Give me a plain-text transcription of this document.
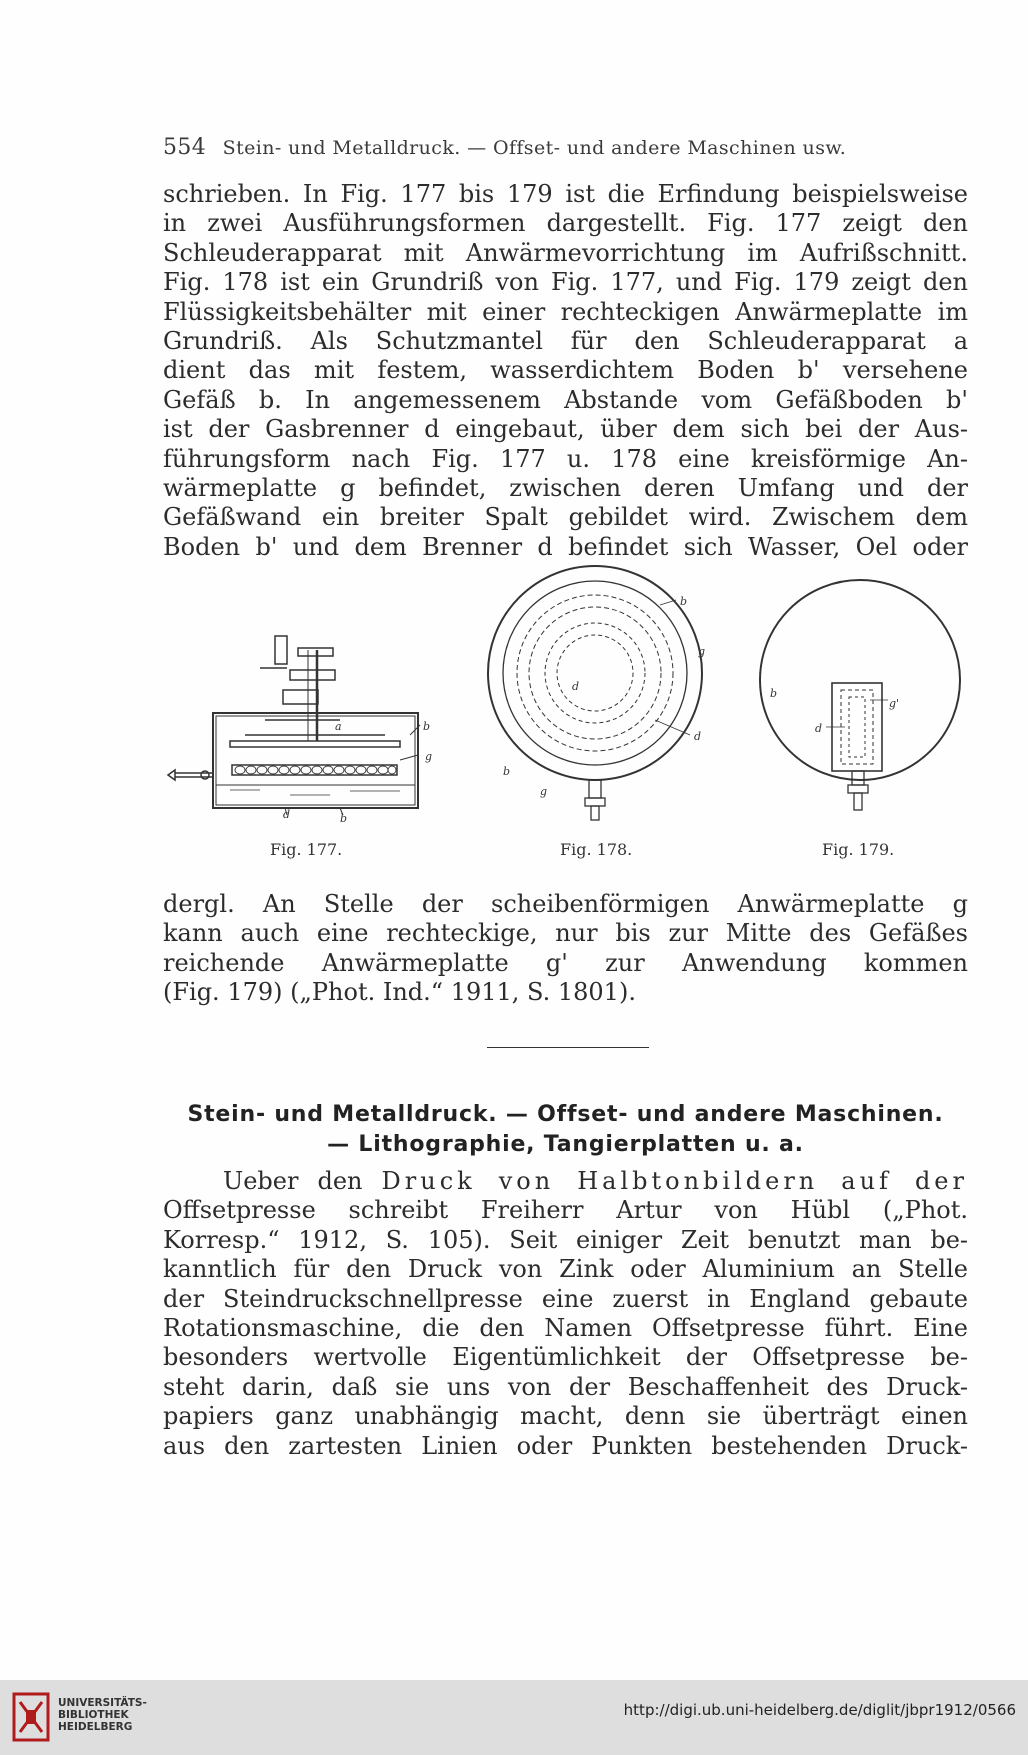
554 Stein- und Metalldruck. — Offset- und andere Maschinen usw.
schrieben. In Fig. 177 bis 179 ist die Erfindung beispielsweise
in zwei Ausführungsformen dargestellt. Fig. 177 zeigt den
Schleuderapparat mit Anwärmevorrichtung im Aufrißschnitt.
Fig. 178 ist ein Grundriß von Fig. 177, und Fig. 179 zeigt den
Flüssigkeitsbehälter mit einer rechteckigen Anwärmeplatte im
Grundriß. Als Schutzmantel für den Schleuderapparat a
dient das mit festem, wasserdichtem Boden b' versehene
Gefäß b. In angemessenem Abstande vom Gefäßboden b'
ist der Gasbrenner d eingebaut, über dem sich bei der Aus-
führungsform nach Fig. 177 u. 178 eine kreisförmige An-
wärmeplatte g befindet, zwischen deren Umfang und der
Gefäßwand ein breiter Spalt gebildet wird. Zwischem dem
Boden b' und dem Brenner d befindet sich Wasser, Oel oder
a	b
g
d	b
Fig. 177.
b
g
d
d
b
g
Fig. 178.
b
g'
d
Fig. 179.
dergl. An Stelle der scheibenförmigen Anwärmeplatte g
kann auch eine rechteckige, nur bis zur Mitte des Gefäßes
reichende Anwärmeplatte g' zur Anwendung kommen
(Fig. 179) („Phot. Ind.“ 1911, S. 1801).
Stein- und Metalldruck. — Offset- und andere Maschinen.
— Lithographie, Tangierplatten u. a.
Ueber den Druck von Halbtonbildern auf der
Offsetpresse schreibt Freiherr Artur von Hübl („Phot.
Korresp.“ 1912, S. 105). Seit einiger Zeit benutzt man be-
kanntlich für den Druck von Zink oder Aluminium an Stelle
der Steindruckschnellpresse eine zuerst in England gebaute
Rotationsmaschine, die den Namen Offsetpresse führt. Eine
besonders wertvolle Eigentümlichkeit der Offsetpresse be-
steht darin, daß sie uns von der Beschaffenheit des Druck-
papiers ganz unabhängig macht, denn sie überträgt einen
aus den zartesten Linien oder Punkten bestehenden Druck-
UNIVERSITÄTS-
BIBLIOTHEK
HEIDELBERG
http://digi.ub.uni-heidelberg.de/diglit/jbpr1912/0566
